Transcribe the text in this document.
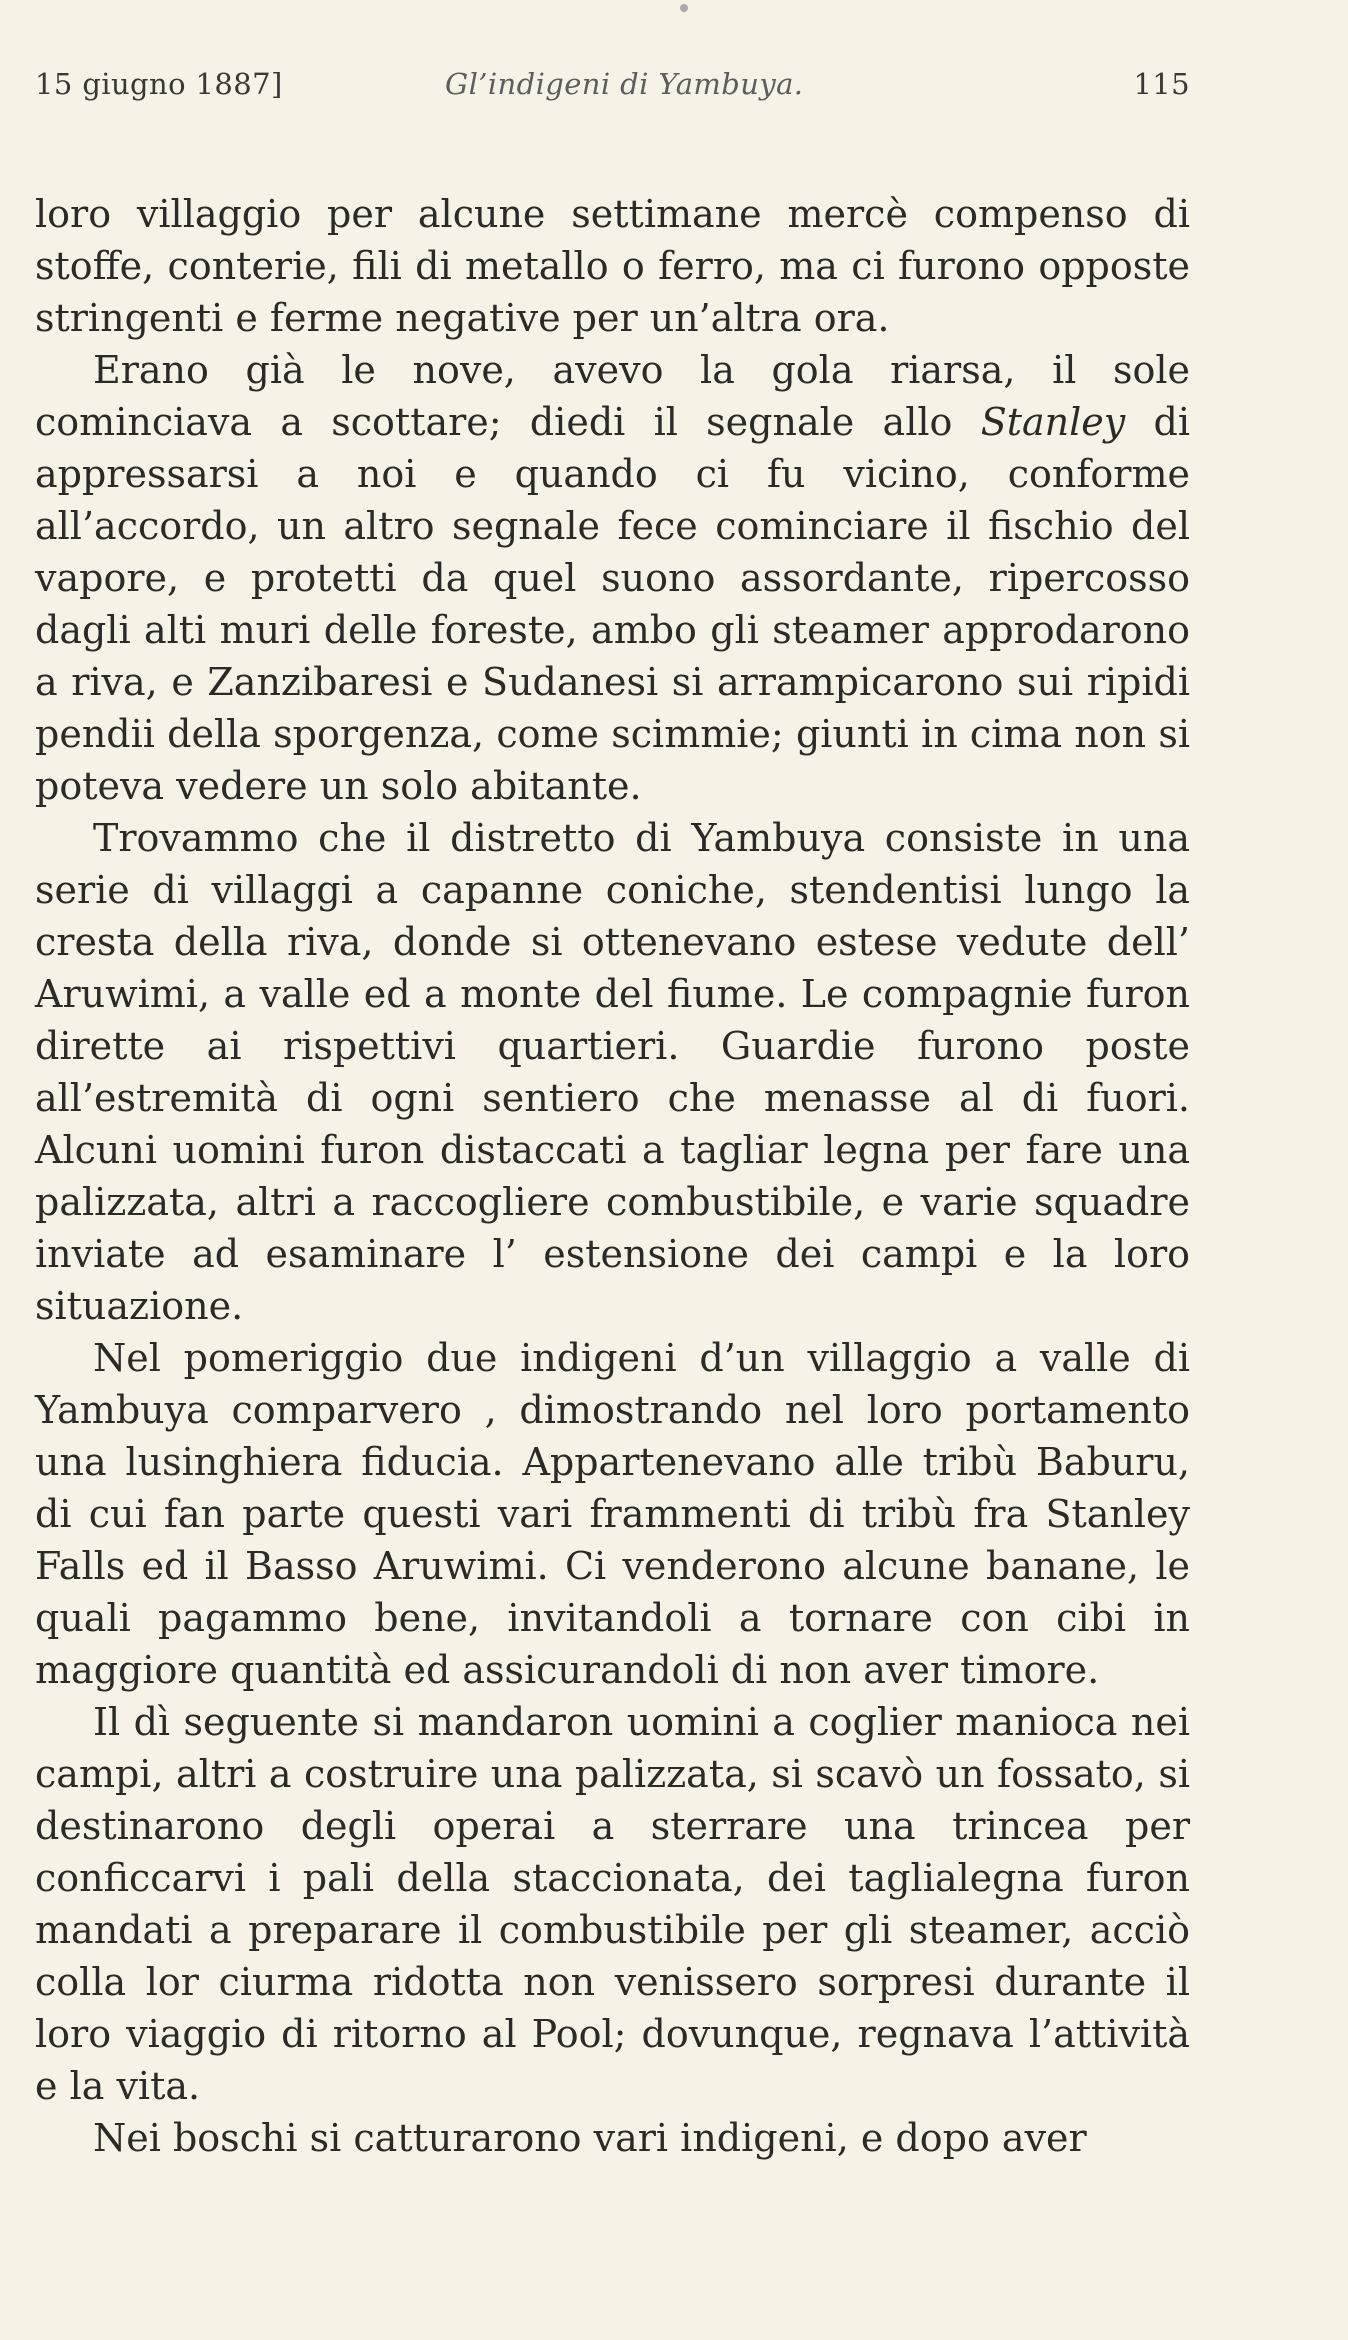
15 giugno 1887]	Gl’indigeni di Yambuya.	115

loro villaggio per alcune settimane mercè compenso di stoffe, conterie, fili di metallo o ferro, ma ci furono opposte stringenti e ferme negative per un’altra ora.

Erano già le nove, avevo la gola riarsa, il sole cominciava a scottare; diedi il segnale allo Stanley di appressarsi a noi e quando ci fu vicino, conforme all’accordo, un altro segnale fece cominciare il fischio del vapore, e protetti da quel suono assordante, ripercosso dagli alti muri delle foreste, ambo gli steamer approdarono a riva, e Zanzibaresi e Sudanesi si arrampicarono sui ripidi pendii della sporgenza, come scimmie; giunti in cima non si poteva vedere un solo abitante.

Trovammo che il distretto di Yambuya consiste in una serie di villaggi a capanne coniche, stendentisi lungo la cresta della riva, donde si ottenevano estese vedute dell’ Aruwimi, a valle ed a monte del fiume. Le compagnie furon dirette ai rispettivi quartieri. Guardie furono poste all’estremità di ogni sentiero che menasse al di fuori. Alcuni uomini furon distaccati a tagliar legna per fare una palizzata, altri a raccogliere combustibile, e varie squadre inviate ad esaminare l’ estensione dei campi e la loro situazione.

Nel pomeriggio due indigeni d’un villaggio a valle di Yambuya comparvero , dimostrando nel loro portamento una lusinghiera fiducia. Appartenevano alle tribù Baburu, di cui fan parte questi vari frammenti di tribù fra Stanley Falls ed il Basso Aruwimi. Ci venderono alcune banane, le quali pagammo bene, invitandoli a tornare con cibi in maggiore quantità ed assicurandoli di non aver timore.

Il dì seguente si mandaron uomini a coglier manioca nei campi, altri a costruire una palizzata, si scavò un fossato, si destinarono degli operai a sterrare una trincea per conficcarvi i pali della staccionata, dei taglialegna furon mandati a preparare il combustibile per gli steamer, acciò colla lor ciurma ridotta non venissero sorpresi durante il loro viaggio di ritorno al Pool; dovunque, regnava l’attività e la vita.

Nei boschi si catturarono vari indigeni, e dopo aver
